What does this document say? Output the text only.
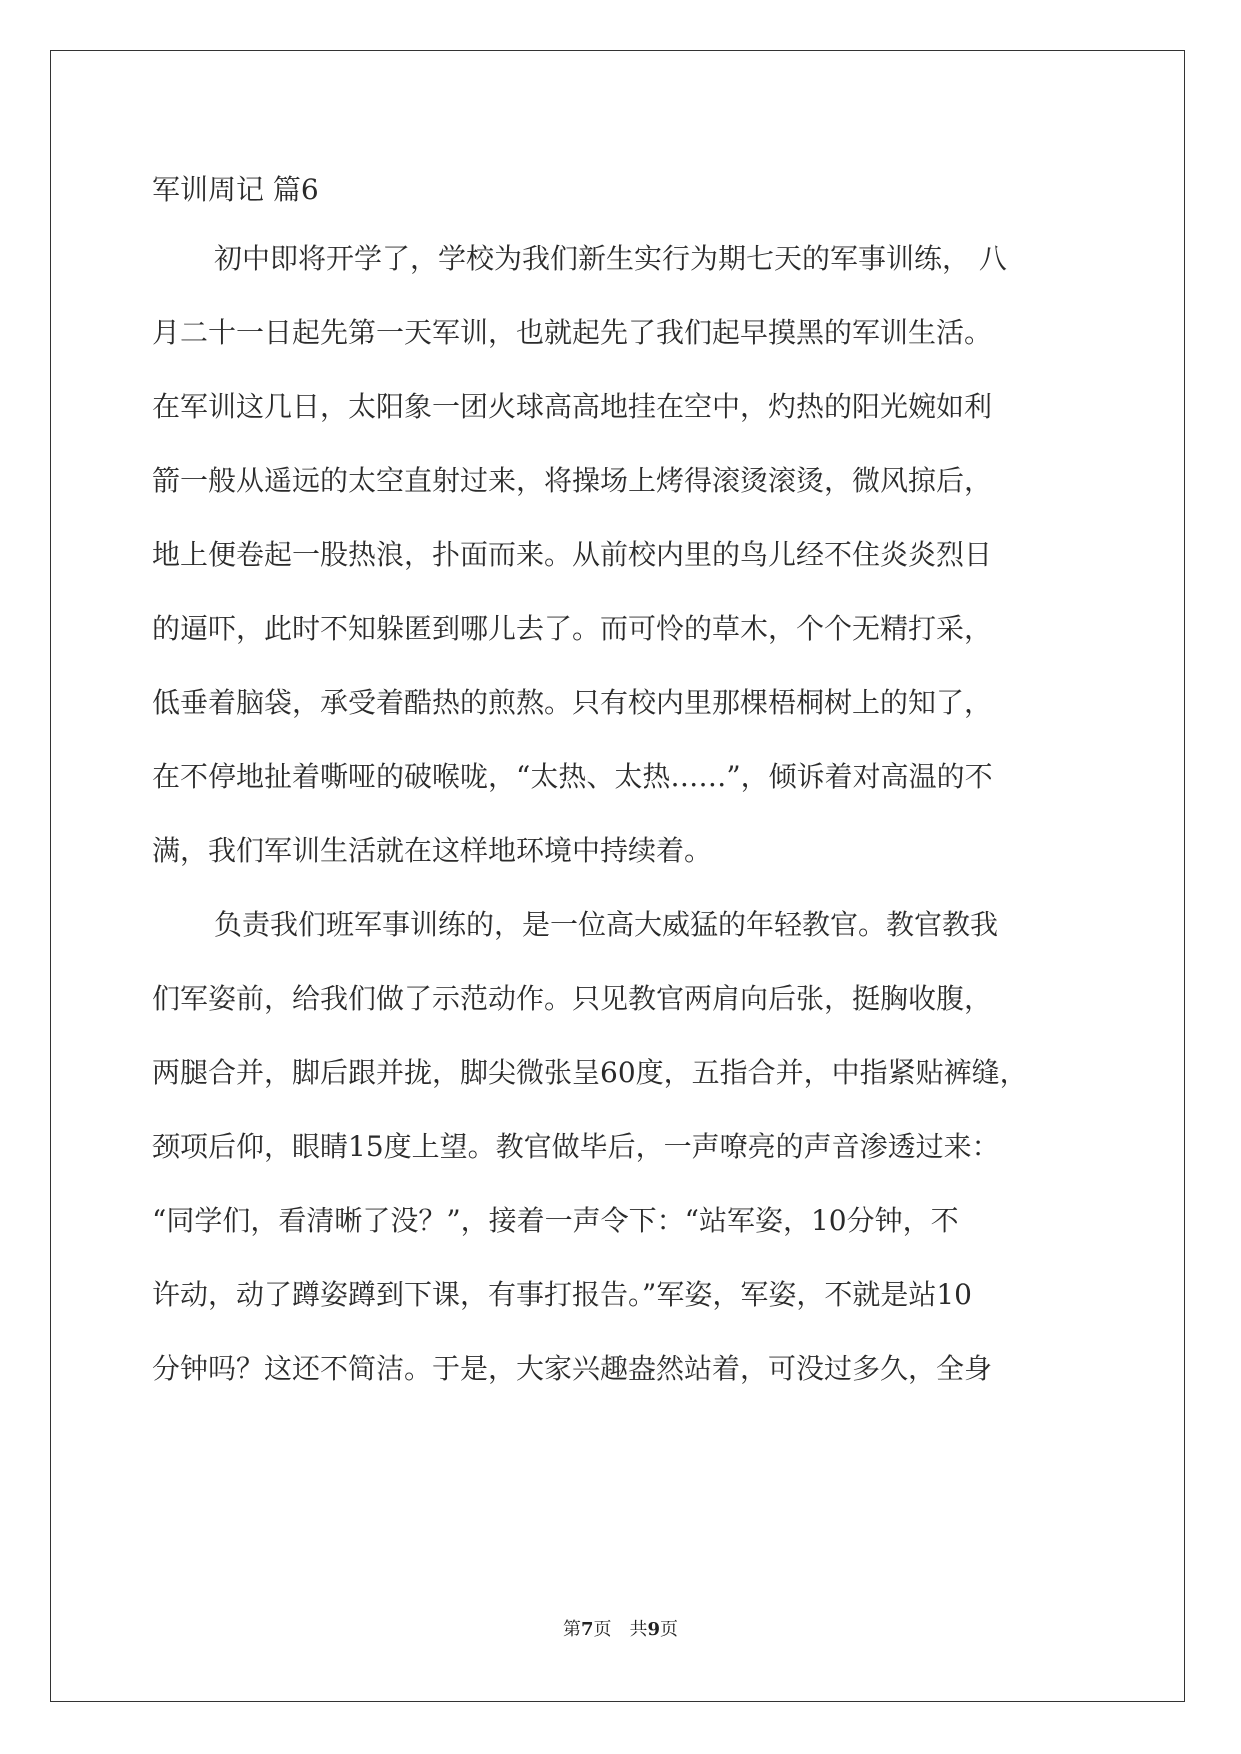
军训周记 篇6

初中即将开学了，学校为我们新生实行为期七天的军事训练， 八
月二十一日起先第一天军训，也就起先了我们起早摸黑的军训生活。
在军训这几日，太阳象一团火球高高地挂在空中，灼热的阳光婉如利
箭一般从遥远的太空直射过来，将操场上烤得滚烫滚烫，微风掠后，
地上便卷起一股热浪，扑面而来。从前校内里的鸟儿经不住炎炎烈日
的逼吓，此时不知躲匿到哪儿去了。而可怜的草木，个个无精打采，
低垂着脑袋，承受着酷热的煎熬。只有校内里那棵梧桐树上的知了，
在不停地扯着嘶哑的破喉咙，“太热、太热……”，倾诉着对高温的不
满，我们军训生活就在这样地环境中持续着。

负责我们班军事训练的，是一位高大威猛的年轻教官。教官教我
们军姿前，给我们做了示范动作。只见教官两肩向后张，挺胸收腹，
两腿合并，脚后跟并拢，脚尖微张呈60度，五指合并，中指紧贴裤缝，
颈项后仰，眼睛15度上望。教官做毕后，一声嘹亮的声音渗透过来：
“同学们，看清晰了没？”，接着一声令下：“站军姿，10分钟，不
许动，动了蹲姿蹲到下课，有事打报告。”军姿，军姿，不就是站10
分钟吗？这还不简洁。于是，大家兴趣盎然站着，可没过多久，全身

第7页　共9页
